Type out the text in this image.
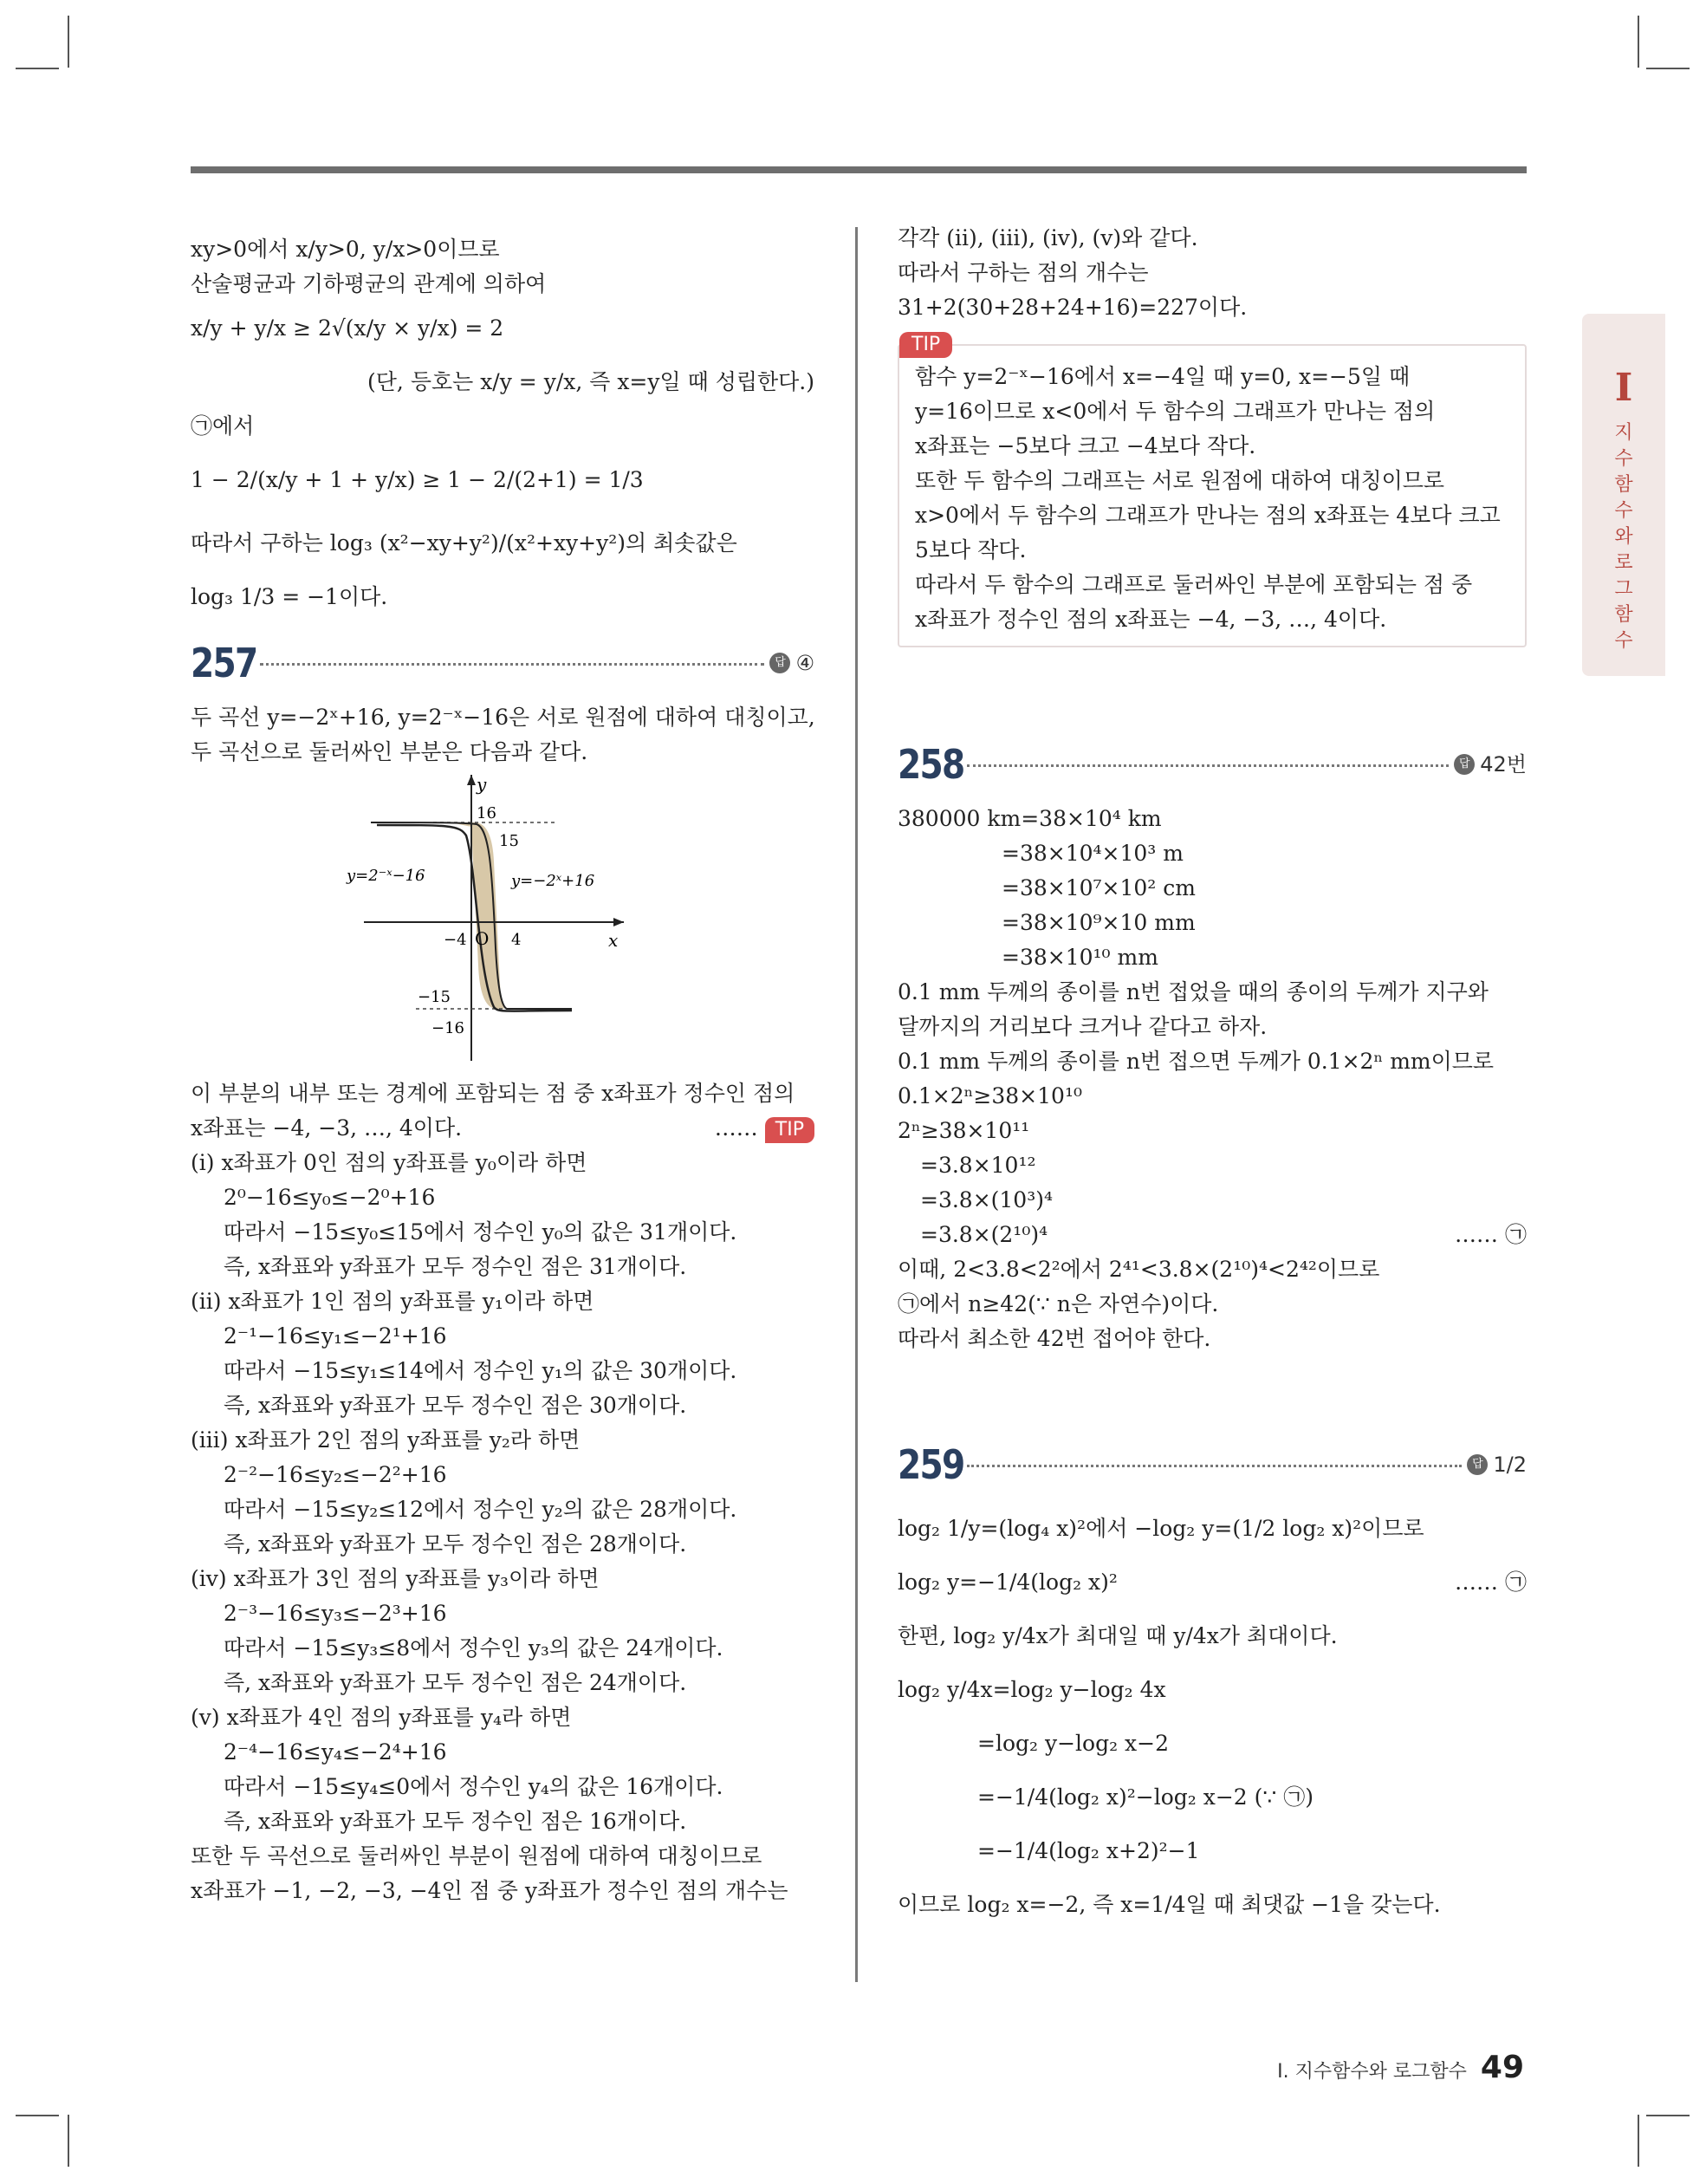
xy>0에서 x/y>0, y/x>0이므로
산술평균과 기하평균의 관계에 의하여
x/y + y/x ≥ 2√(x/y × y/x) = 2
(단, 등호는 x/y = y/x, 즉 x=y일 때 성립한다.)
㉠에서
1 − 2/(x/y + 1 + y/x) ≥ 1 − 2/(2+1) = 1/3
따라서 구하는 log₃ (x²−xy+y²)/(x²+xy+y²)의 최솟값은
log₃ 1/3 = −1이다.
257	답 ④
두 곡선 y=−2ˣ+16, y=2⁻ˣ−16은 서로 원점에 대하여 대칭이고,
두 곡선으로 둘러싸인 부분은 다음과 같다.
y
x
O
16
15
−4	4
−15
−16
y=2⁻ˣ−16	y=−2ˣ+16
이 부분의 내부 또는 경계에 포함되는 점 중 x좌표가 정수인 점의
x좌표는 −4, −3, …, 4이다.	…… TIP
(i) x좌표가 0인 점의 y좌표를 y₀이라 하면
2⁰−16≤y₀≤−2⁰+16
따라서 −15≤y₀≤15에서 정수인 y₀의 값은 31개이다.
즉, x좌표와 y좌표가 모두 정수인 점은 31개이다.
(ii) x좌표가 1인 점의 y좌표를 y₁이라 하면
2⁻¹−16≤y₁≤−2¹+16
따라서 −15≤y₁≤14에서 정수인 y₁의 값은 30개이다.
즉, x좌표와 y좌표가 모두 정수인 점은 30개이다.
(iii) x좌표가 2인 점의 y좌표를 y₂라 하면
2⁻²−16≤y₂≤−2²+16
따라서 −15≤y₂≤12에서 정수인 y₂의 값은 28개이다.
즉, x좌표와 y좌표가 모두 정수인 점은 28개이다.
(iv) x좌표가 3인 점의 y좌표를 y₃이라 하면
2⁻³−16≤y₃≤−2³+16
따라서 −15≤y₃≤8에서 정수인 y₃의 값은 24개이다.
즉, x좌표와 y좌표가 모두 정수인 점은 24개이다.
(v) x좌표가 4인 점의 y좌표를 y₄라 하면
2⁻⁴−16≤y₄≤−2⁴+16
따라서 −15≤y₄≤0에서 정수인 y₄의 값은 16개이다.
즉, x좌표와 y좌표가 모두 정수인 점은 16개이다.
또한 두 곡선으로 둘러싸인 부분이 원점에 대하여 대칭이므로
x좌표가 −1, −2, −3, −4인 점 중 y좌표가 정수인 점의 개수는
각각 (ii), (iii), (iv), (v)와 같다.
따라서 구하는 점의 개수는
31+2(30+28+24+16)=227이다.
TIP
함수 y=2⁻ˣ−16에서 x=−4일 때 y=0, x=−5일 때
y=16이므로 x<0에서 두 함수의 그래프가 만나는 점의
x좌표는 −5보다 크고 −4보다 작다.
또한 두 함수의 그래프는 서로 원점에 대하여 대칭이므로
x>0에서 두 함수의 그래프가 만나는 점의 x좌표는 4보다 크고
5보다 작다.
따라서 두 함수의 그래프로 둘러싸인 부분에 포함되는 점 중
x좌표가 정수인 점의 x좌표는 −4, −3, …, 4이다.
258	답 42번
380000 km=38×10⁴ km
=38×10⁴×10³ m
=38×10⁷×10² cm
=38×10⁹×10 mm
=38×10¹⁰ mm
0.1 mm 두께의 종이를 n번 접었을 때의 종이의 두께가 지구와
달까지의 거리보다 크거나 같다고 하자.
0.1 mm 두께의 종이를 n번 접으면 두께가 0.1×2ⁿ mm이므로
0.1×2ⁿ≥38×10¹⁰
2ⁿ≥38×10¹¹
=3.8×10¹²
=3.8×(10³)⁴
=3.8×(2¹⁰)⁴	…… ㉠
이때, 2<3.8<2²에서 2⁴¹<3.8×(2¹⁰)⁴<2⁴²이므로
㉠에서 n≥42(∵ n은 자연수)이다.
따라서 최소한 42번 접어야 한다.
259	답 1/2
log₂ 1/y=(log₄ x)²에서 −log₂ y=(1/2 log₂ x)²이므로
log₂ y=−1/4(log₂ x)²	…… ㉠
한편, log₂ y/4x가 최대일 때 y/4x가 최대이다.
log₂ y/4x=log₂ y−log₂ 4x
=log₂ y−log₂ x−2
=−1/4(log₂ x)²−log₂ x−2 (∵ ㉠)
=−1/4(log₂ x+2)²−1
이므로 log₂ x=−2, 즉 x=1/4일 때 최댓값 −1을 갖는다.
I
지수함수와 로그함수
Ⅰ. 지수함수와 로그함수 49
